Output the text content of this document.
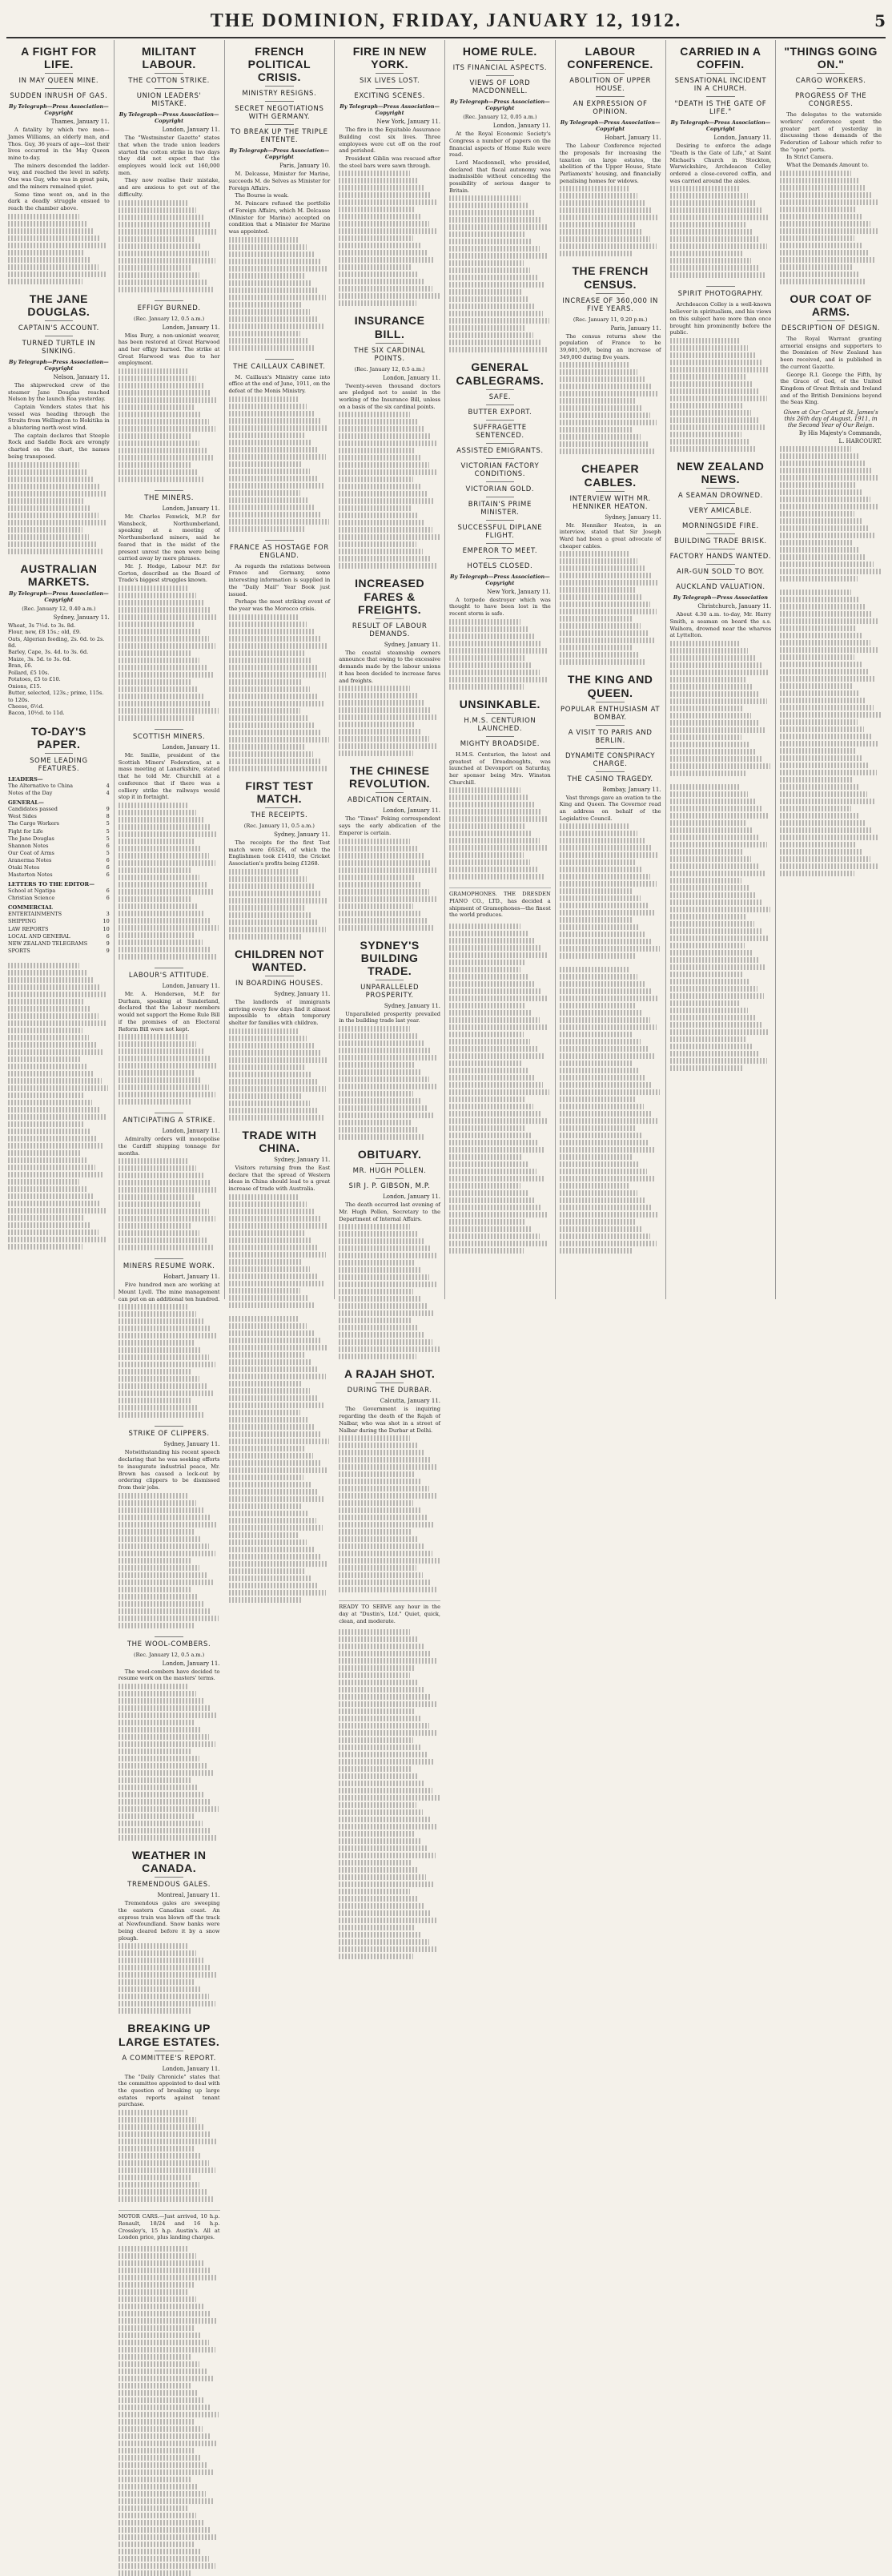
THE DOMINION, FRIDAY, JANUARY 12, 1912.	5
A FIGHT FOR LIFE.
IN MAY QUEEN MINE.
SUDDEN INRUSH OF GAS.
By Telegraph—Press Association—Copyright
Thames, January 11.

A fatality by which two men—James Williams, an elderly man, and Thos. Guy, 36 years of age—lost their lives occurred in the May Queen mine to-day.

The miners descended the ladder-way, and reached the level in safety. One was Guy, who was in great pain, and the miners remained quiet.

Some time went on, and in the dark a deadly struggle ensued to reach the chamber above.

THE JANE DOUGLAS.
CAPTAIN'S ACCOUNT.
TURNED TURTLE IN SINKING.
By Telegraph—Press Association—Copyright
Nelson, January 11.

The shipwrecked crew of the steamer Jane Douglas reached Nelson by the launch Roa yesterday.

Captain Venders states that his vessel was heading through the Straits from Wellington to Hokitika in a blustering north-west wind.

The captain declares that Steeple Rock and Saddle Rock are wrongly charted on the chart, the names being transposed.

AUSTRALIAN MARKETS.
By Telegraph—Press Association—Copyright
(Rec. January 12, 0.40 a.m.)
Sydney, January 11.

Wheat, 3s 7½d. to 3s. 8d.

Flour, new, £8 15s.; old, £9.

Oats, Algerian feeding, 2s. 6d. to 2s. 8d.

Barley, Cape, 3s. 4d. to 3s. 6d.

Maize, 3s. 5d. to 3s. 6d.

Bran, £6.

Pollard, £5 10s.

Potatoes, £5 to £10.

Onions, £15.

Butter, selected, 123s.; prime, 115s. to 120s.

Cheese, 6½d.

Bacon, 10½d. to 11d.

TO-DAY'S PAPER.
SOME LEADING FEATURES.
LEADERS—
The Alternative to China	4
Notes of the Day	4
GENERAL—
Candidates passed	9
West Sides	8
The Cargo Workers	5
Fight for Life	5
The Jane Douglas	5
Shannon Notes	6
Our Coat of Arms	5
Aranerma Notes	6
Otaki Notes	6
Masterton Notes	6
LETTERS TO THE EDITOR—
School at Ngatipa	6
Christian Science	6
COMMERCIAL
ENTERTAINMENTS	3
SHIPPING	10
LAW REPORTS	10
LOCAL AND GENERAL	6
NEW ZEALAND TELEGRAMS	9
SPORTS	9
MILITANT LABOUR.
THE COTTON STRIKE.
UNION LEADERS' MISTAKE.
By Telegraph—Press Association—Copyright
London, January 11.

The "Westminster Gazette" states that when the trade union leaders started the cotton strike in two days they did not expect that the employers would lock out 160,000 men.

They now realise their mistake, and are anxious to get out of the difficulty.

EFFIGY BURNED.
(Rec. January 12, 0.5 a.m.)
London, January 11.

Miss Bury, a non-unionist weaver, has been restored at Great Harwood and her effigy burned. The strike at Great Harwood was due to her employment.

THE MINERS.
London, January 11.

Mr. Charles Fenwick, M.P. for Wansbeck, Northumberland, speaking at a meeting of Northumberland miners, said he feared that in the midst of the present unrest the men were being carried away by mere phrases.

Mr. J. Hodge, Labour M.P. for Gorton, described as the Board of Trade's biggest struggles known.

SCOTTISH MINERS.
London, January 11.

Mr. Smillie, president of the Scottish Miners' Federation, at a mass meeting at Lanarkshire, stated that he told Mr. Churchill at a conference that if there was a colliery strike the railways would stop it in fortnight.

LABOUR'S ATTITUDE.
London, January 11.

Mr. A. Henderson, M.P. for Durham, speaking at Sunderland, declared that the Labour members would not support the Home Rule Bill if the promises of an Electoral Reform Bill were not kept.

ANTICIPATING A STRIKE.
London, January 11.

Admiralty orders will monopolise the Cardiff shipping tonnage for months.

MINERS RESUME WORK.
Hobart, January 11.

Five hundred men are working at Mount Lyell. The mine management can put on an additional ten hundred.

STRIKE OF CLIPPERS.
Sydney, January 11.

Notwithstanding his recent speech declaring that he was seeking efforts to inaugurate industrial peace, Mr. Brown has caused a lock-out by ordering clippers to be dismissed from their jobs.

THE WOOL-COMBERS.
(Rec. January 12, 0.5 a.m.)
London, January 11.

The wool-combers have decided to resume work on the masters' terms.

WEATHER IN CANADA.
TREMENDOUS GALES.
Montreal, January 11.

Tremendous gales are sweeping the eastern Canadian coast. An express train was blown off the track at Newfoundland. Snow banks were being cleared before it by a snow plough.

BREAKING UP LARGE ESTATES.
A COMMITTEE'S REPORT.
London, January 11.

The "Daily Chronicle" states that the committee appointed to deal with the question of breaking up large estates reports against tenant purchase.

MOTOR CARS.—Just arrived, 10 h.p. Renault, 18/24 and 16 h.p. Crossley's, 15 h.p. Austin's. All at London price, plus landing charges.
FRENCH POLITICAL CRISIS.
MINISTRY RESIGNS.
SECRET NEGOTIATIONS WITH GERMANY.
TO BREAK UP THE TRIPLE ENTENTE.
By Telegraph—Press Association—Copyright
Paris, January 10.

M. Delcasse, Minister for Marine, succeeds M. de Selves as Minister for Foreign Affairs.

The Bourse is weak.

M. Poincare refused the portfolio of Foreign Affairs, which M. Delcasse (Minister for Marine) accepted on condition that a Minister for Marine was appointed.

THE CAILLAUX CABINET.

M. Caillaux's Ministry came into office at the end of June, 1911, on the defeat of the Monis Ministry.

FRANCE AS HOSTAGE FOR ENGLAND.

As regards the relations between France and Germany, some interesting information is supplied in the "Daily Mail" Year Book just issued.

Perhaps the most striking event of the year was the Morocco crisis.

FIRST TEST MATCH.
THE RECEIPTS.
(Rec. January 11, 0.5 a.m.)
Sydney, January 11.

The receipts for the first Test match were £6326, of which the Englishmen took £1410, the Cricket Association's profits being £1268.

CHILDREN NOT WANTED.
IN BOARDING HOUSES.
Sydney, January 11.

The landlords of immigrants arriving every few days find it almost impossible to obtain temporary shelter for families with children.

TRADE WITH CHINA.
Sydney, January 11.

Visitors returning from the East declare that the spread of Western ideas in China should lead to a great increase of trade with Australia.

FIRE IN NEW YORK.
SIX LIVES LOST.
EXCITING SCENES.
By Telegraph—Press Association—Copyright
New York, January 11.

The fire in the Equitable Assurance Building cost six lives. Three employees were cut off on the roof and perished.

President Giblin was rescued after the steel bars were sawn through.

INSURANCE BILL.
THE SIX CARDINAL POINTS.
(Rec. January 12, 0.5 a.m.)
London, January 11.

Twenty-seven thousand doctors are pledged not to assist in the working of the Insurance Bill, unless on a basis of the six cardinal points.

INCREASED FARES & FREIGHTS.
RESULT OF LABOUR DEMANDS.
Sydney, January 11.

The coastal steamship owners announce that owing to the excessive demands made by the labour unions it has been decided to increase fares and freights.

THE CHINESE REVOLUTION.
ABDICATION CERTAIN.
London, January 11.

The "Times" Peking correspondent says the early abdication of the Emperor is certain.

SYDNEY'S BUILDING TRADE.
UNPARALLELED PROSPERITY.
Sydney, January 11.

Unparalleled prosperity prevailed in the building trade last year.

OBITUARY.
MR. HUGH POLLEN.
SIR J. P. GIBSON, M.P.
London, January 11.

The death occurred last evening of Mr. Hugh Pollen, Secretary to the Department of Internal Affairs.

A RAJAH SHOT.
DURING THE DURBAR.
Calcutta, January 11.

The Government is inquiring regarding the death of the Rajah of Nalbar, who was shot in a street of Nalbar during the Durbar at Delhi.

READY TO SERVE any hour in the day at "Dustin's, Ltd." Quiet, quick, clean, and moderate.
HOME RULE.
ITS FINANCIAL ASPECTS.
VIEWS OF LORD MACDONNELL.
By Telegraph—Press Association—Copyright
(Rec. January 12, 0.05 a.m.)
London, January 11.

At the Royal Economic Society's Congress a number of papers on the financial aspects of Home Rule were read.

Lord Macdonnell, who presided, declared that fiscal autonomy was inadmissible without conceding the possibility of serious danger to Britain.

GENERAL CABLEGRAMS.
SAFE.
BUTTER EXPORT.
SUFFRAGETTE SENTENCED.
ASSISTED EMIGRANTS.
VICTORIAN FACTORY CONDITIONS.
VICTORIAN GOLD.
BRITAIN'S PRIME MINISTER.
SUCCESSFUL DIPLANE FLIGHT.
EMPEROR TO MEET.
HOTELS CLOSED.
By Telegraph—Press Association—Copyright
New York, January 11.

A torpedo destroyer which was thought to have been lost in the recent storm is safe.

UNSINKABLE.
H.M.S. CENTURION LAUNCHED.
MIGHTY BROADSIDE.

H.M.S. Centurion, the latest and greatest of Dreadnoughts, was launched at Devonport on Saturday, her sponsor being Mrs. Winston Churchill.

GRAMOPHONES. THE DRESDEN PIANO CO., LTD., has decided a shipment of Gramophones—the finest the world produces.
LABOUR CONFERENCE.
ABOLITION OF UPPER HOUSE.
AN EXPRESSION OF OPINION.
By Telegraph—Press Association—Copyright
Hobart, January 11.

The Labour Conference rejected the proposals for increasing the taxation on large estates, the abolition of the Upper House, State Parliaments' housing, and financially penalising homes for widows.

THE FRENCH CENSUS.
INCREASE OF 360,000 IN FIVE YEARS.
(Rec. January 11, 9.20 p.m.)
Paris, January 11.

The census returns show the population of France to be 39,601,509, being an increase of 349,000 during five years.

CHEAPER CABLES.
INTERVIEW WITH MR. HENNIKER HEATON.
Sydney, January 11.

Mr. Henniker Heaton, in an interview, stated that Sir Joseph Ward had been a great advocate of cheaper cables.

THE KING AND QUEEN.
POPULAR ENTHUSIASM AT BOMBAY.
A VISIT TO PARIS AND BERLIN.
DYNAMITE CONSPIRACY CHARGE.
THE CASINO TRAGEDY.
Bombay, January 11.

Vast throngs gave an ovation to the King and Queen. The Governor read an address on behalf of the Legislative Council.

CARRIED IN A COFFIN.
SENSATIONAL INCIDENT IN A CHURCH.
"DEATH IS THE GATE OF LIFE."
By Telegraph—Press Association—Copyright
London, January 11.

Desiring to enforce the adage "Death is the Gate of Life," at Saint Michael's Church in Stockton, Warwickshire, Archdeacon Colley ordered a close-covered coffin, and was carried around the aisles.

SPIRIT PHOTOGRAPHY.

Archdeacon Colley is a well-known believer in spiritualism, and his views on this subject have more than once brought him prominently before the public.

NEW ZEALAND NEWS.
A SEAMAN DROWNED.
VERY AMICABLE.
MORNINGSIDE FIRE.
BUILDING TRADE BRISK.
FACTORY HANDS WANTED.
AIR-GUN SOLD TO BOY.
AUCKLAND VALUATION.
By Telegraph—Press Association
Christchurch, January 11.

About 4.30 a.m. to-day, Mr. Harry Smith, a seaman on board the s.s. Waihora, drowned near the wharves at Lyttelton.

"THINGS GOING ON."
CARGO WORKERS.
PROGRESS OF THE CONGRESS.

The delegates to the waterside workers' conference spent the greater part of yesterday in discussing those demands of the Federation of Labour which refer to the "open" ports.

In Strict Camera.

What the Demands Amount to.

OUR COAT OF ARMS.
DESCRIPTION OF DESIGN.

The Royal Warrant granting armorial ensigns and supporters to the Dominion of New Zealand has been received, and is published in the current Gazette.

George R.I. George the Fifth, by the Grace of God, of the United Kingdom of Great Britain and Ireland and of the British Dominions beyond the Seas King.

Given at Our Court at St. James's this 26th day of August, 1911, in the Second Year of Our Reign.
By His Majesty's Commands,
L. HARCOURT.
